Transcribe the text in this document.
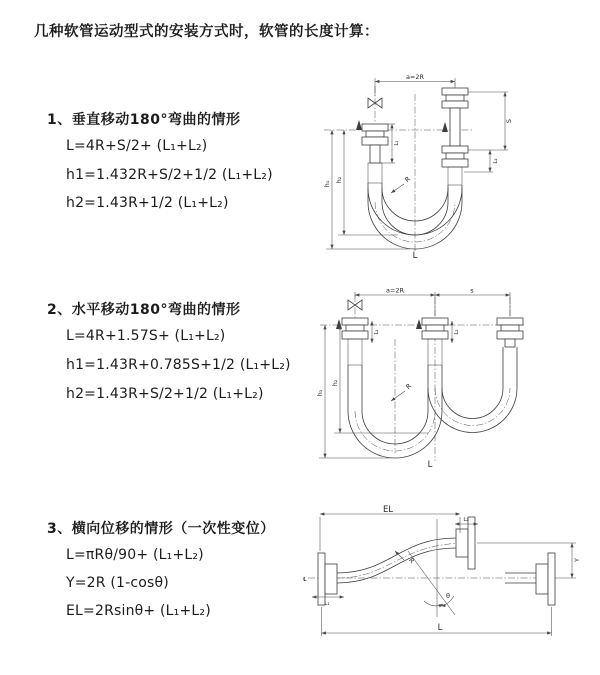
几种软管运动型式的安装方式时，软管的长度计算：
1、垂直移动180°弯曲的情形
L=4R+S/2+ (L₁+L₂)
h1=1.432R+S/2+1/2 (L₁+L₂)
h2=1.43R+1/2 (L₁+L₂)
a=2R
S
L₂
L₁
h₁
h₂	R
L
2、水平移动180°弯曲的情形
L=4R+1.57S+ (L₁+L₂)
h1=1.43R+0.785S+1/2 (L₁+L₂)
h2=1.43R+S/2+1/2 (L₁+L₂)
a=2R	s
h₁
h₂
L₁	L₂
R
L
3、横向位移的情形（一次性变位）
L=πRθ/90+ (L₁+L₂)
Y=2R (1-cosθ)
EL=2Rsinθ+ (L₁+L₂)
℄
θ
R
EL
L₂
Y
L₁
L
